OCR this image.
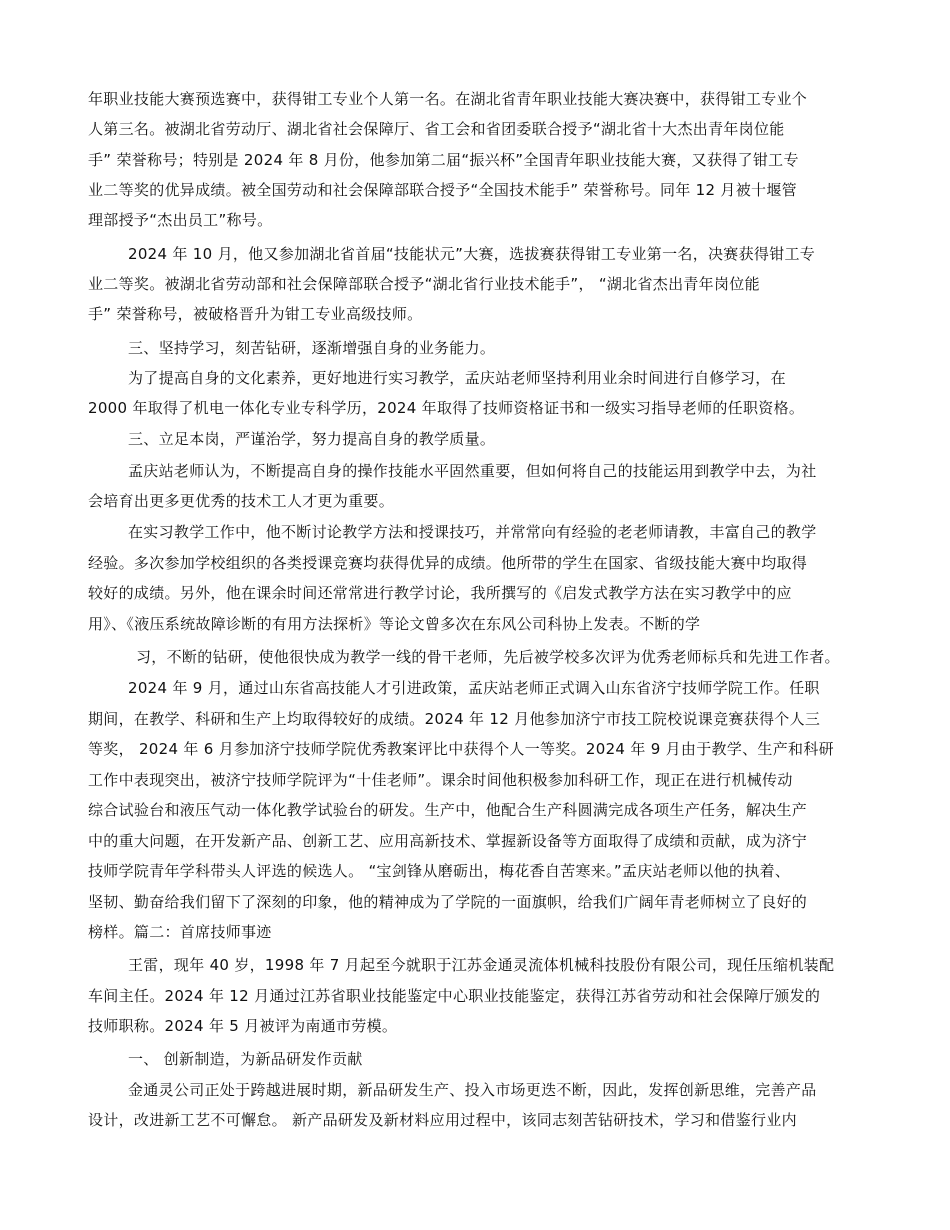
年职业技能大赛预选赛中，获得钳工专业个人第一名。在湖北省青年职业技能大赛决赛中，获得钳工专业个
人第三名。被湖北省劳动厅、湖北省社会保障厅、省工会和省团委联合授予“湖北省十大杰出青年岗位能
手” 荣誉称号；特别是 2024 年 8 月份，他参加第二届“振兴杯”全国青年职业技能大赛，又获得了钳工专
业二等奖的优异成绩。被全国劳动和社会保障部联合授予“全国技术能手” 荣誉称号。同年 12 月被十堰管
理部授予“杰出员工”称号。
2024 年 10 月，他又参加湖北省首届“技能状元”大赛，选拔赛获得钳工专业第一名，决赛获得钳工专
业二等奖。被湖北省劳动部和社会保障部联合授予“湖北省行业技术能手”， “湖北省杰出青年岗位能
手” 荣誉称号，被破格晋升为钳工专业高级技师。
三、坚持学习，刻苦钻研，逐渐增强自身的业务能力。
为了提高自身的文化素养，更好地进行实习教学，孟庆站老师坚持利用业余时间进行自修学习，在
2000 年取得了机电一体化专业专科学历，2024 年取得了技师资格证书和一级实习指导老师的任职资格。
三、立足本岗，严谨治学，努力提高自身的教学质量。
孟庆站老师认为，不断提高自身的操作技能水平固然重要，但如何将自己的技能运用到教学中去，为社
会培育出更多更优秀的技术工人才更为重要。
在实习教学工作中，他不断讨论教学方法和授课技巧，并常常向有经验的老老师请教，丰富自己的教学
经验。多次参加学校组织的各类授课竞赛均获得优异的成绩。他所带的学生在国家、省级技能大赛中均取得
较好的成绩。另外，他在课余时间还常常进行教学讨论，我所撰写的《启发式教学方法在实习教学中的应
用》、《液压系统故障诊断的有用方法探析》等论文曾多次在东风公司科协上发表。不断的学
习，不断的钻研，使他很快成为教学一线的骨干老师，先后被学校多次评为优秀老师标兵和先进工作者。
2024 年 9 月，通过山东省高技能人才引进政策，孟庆站老师正式调入山东省济宁技师学院工作。任职
期间，在教学、科研和生产上均取得较好的成绩。2024 年 12 月他参加济宁市技工院校说课竞赛获得个人三
等奖， 2024 年 6 月参加济宁技师学院优秀教案评比中获得个人一等奖。2024 年 9 月由于教学、生产和科研
工作中表现突出，被济宁技师学院评为“十佳老师”。课余时间他积极参加科研工作，现正在进行机械传动
综合试验台和液压气动一体化教学试验台的研发。生产中，他配合生产科圆满完成各项生产任务，解决生产
中的重大问题，在开发新产品、创新工艺、应用高新技术、掌握新设备等方面取得了成绩和贡献，成为济宁
技师学院青年学科带头人评选的候选人。 “宝剑锋从磨砺出，梅花香自苦寒来。”孟庆站老师以他的执着、
坚韧、勤奋给我们留下了深刻的印象，他的精神成为了学院的一面旗帜，给我们广阔年青老师树立了良好的
榜样。篇二：首席技师事迹
王雷，现年 40 岁，1998 年 7 月起至今就职于江苏金通灵流体机械科技股份有限公司，现任压缩机装配
车间主任。2024 年 12 月通过江苏省职业技能鉴定中心职业技能鉴定，获得江苏省劳动和社会保障厅颁发的
技师职称。2024 年 5 月被评为南通市劳模。
一、 创新制造，为新品研发作贡献
金通灵公司正处于跨越进展时期，新品研发生产、投入市场更迭不断，因此，发挥创新思维，完善产品
设计，改进新工艺不可懈怠。 新产品研发及新材料应用过程中，该同志刻苦钻研技术，学习和借鉴行业内
